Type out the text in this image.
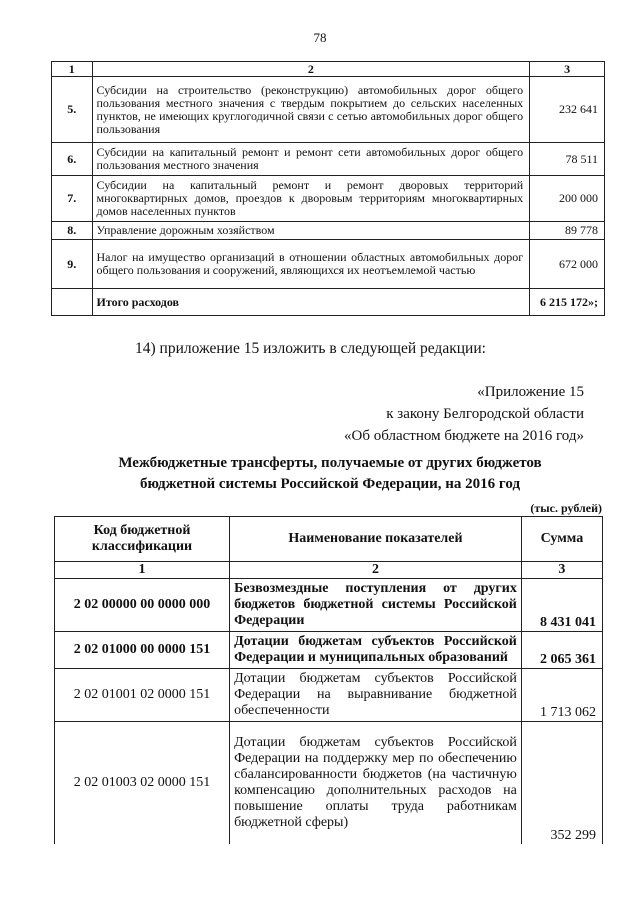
78
1	2	3
5.	Субсидии на строительство (реконструкцию) автомобильных дорог общего пользования местного значения с твердым покрытием до сельских населенных пунктов, не имеющих круглогодичной связи с сетью автомобильных дорог общего пользования	232 641
6.	Субсидии на капитальный ремонт и ремонт сети автомобильных дорог общего пользования местного значения	78 511
7.	Субсидии на капитальный ремонт и ремонт дворовых территорий многоквартирных домов, проездов к дворовым территориям многоквартирных домов населенных пунктов	200 000
8.	Управление дорожным хозяйством	89 778
9.	Налог на имущество организаций в отношении областных автомобильных дорог общего пользования и сооружений, являющихся их неотъемлемой частью	672 000
	Итого расходов	6 215 172»;
14) приложение 15 изложить в следующей редакции:
«Приложение 15
к закону Белгородской области
«Об областном бюджете на 2016 год»
Межбюджетные трансферты, получаемые от других бюджетов
бюджетной системы Российской Федерации, на 2016 год
(тыс. рублей)
Код бюджетной классификации	Наименование показателей	Сумма
1	2	3
2 02 00000 00 0000 000	Безвозмездные поступления от других бюджетов бюджетной системы Российской Федерации	8 431 041
2 02 01000 00 0000 151	Дотации бюджетам субъектов Российской Федерации и муниципальных образований	2 065 361
2 02 01001 02 0000 151	Дотации бюджетам субъектов Российской Федерации на выравнивание бюджетной обеспеченности	1 713 062
2 02 01003 02 0000 151	Дотации бюджетам субъектов Российской Федерации на поддержку мер по обеспечению сбалансированности бюджетов (на частичную компенсацию дополнительных расходов на повышение оплаты труда работникам бюджетной сферы)	352 299
